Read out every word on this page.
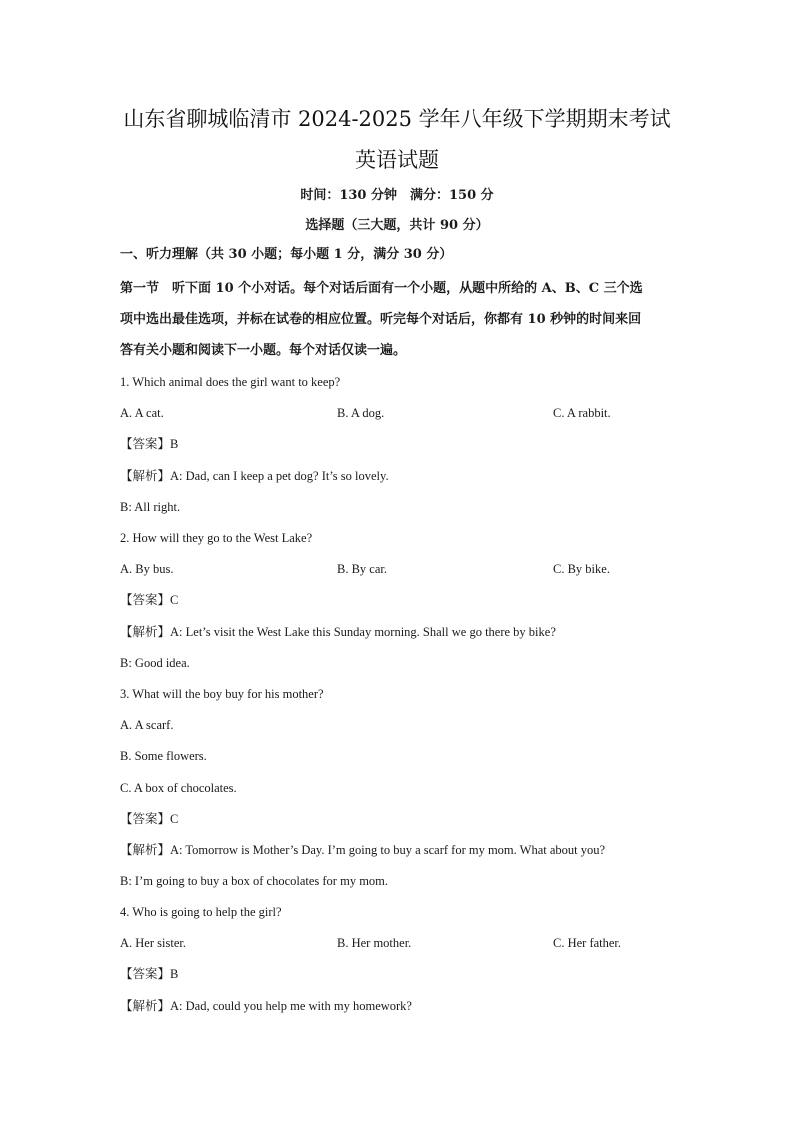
山东省聊城临清市 2024-2025 学年八年级下学期期末考试
英语试题
时间：130 分钟　满分：150 分
选择题（三大题，共计 90 分）
一、听力理解（共 30 小题；每小题 1 分，满分 30 分）
第一节　听下面 10 个小对话。每个对话后面有一个小题，从题中所给的 A、B、C 三个选
项中选出最佳选项，并标在试卷的相应位置。听完每个对话后，你都有 10 秒钟的时间来回
答有关小题和阅读下一小题。每个对话仅读一遍。
1. Which animal does the girl want to keep?
A. A cat.	B. A dog.	C. A rabbit.
【答案】B
【解析】A: Dad, can I keep a pet dog? It’s so lovely.
B: All right.
2. How will they go to the West Lake?
A. By bus.	B. By car.	C. By bike.
【答案】C
【解析】A: Let’s visit the West Lake this Sunday morning. Shall we go there by bike?
B: Good idea.
3. What will the boy buy for his mother?
A. A scarf.
B. Some flowers.
C. A box of chocolates.
【答案】C
【解析】A: Tomorrow is Mother’s Day. I’m going to buy a scarf for my mom. What about you?
B: I’m going to buy a box of chocolates for my mom.
4. Who is going to help the girl?
A. Her sister.	B. Her mother.	C. Her father.
【答案】B
【解析】A: Dad, could you help me with my homework?
